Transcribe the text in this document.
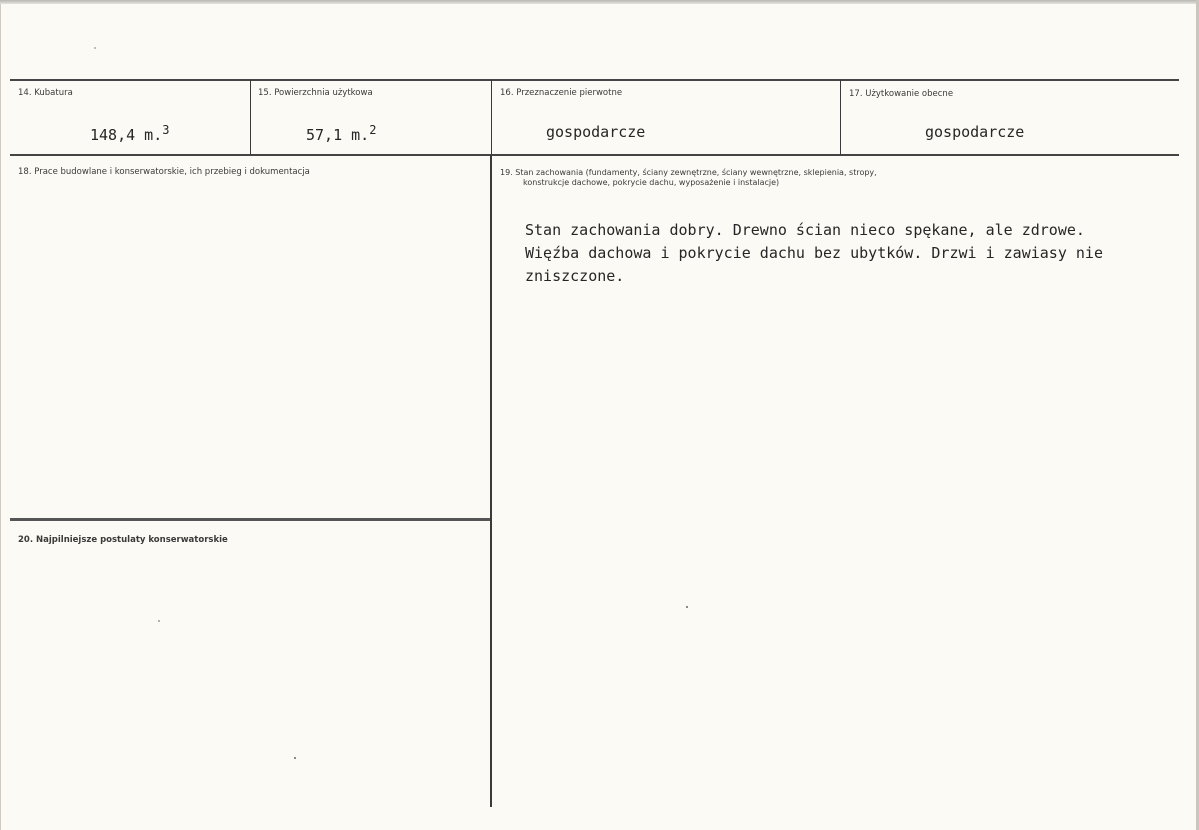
14. Kubatura
148,4 m.$^3$
15. Powierzchnia użytkowa
57,1 m.$^2$
16. Przeznaczenie pierwotne
gospodarcze
17. Użytkowanie obecne
gospodarcze
18. Prace budowlane i konserwatorskie, ich przebieg i dokumentacja	19. Stan zachowania (fundamenty, ściany zewnętrzne, ściany wewnętrzne, sklepienia, stropy,
konstrukcje dachowe, pokrycie dachu, wyposażenie i instalacje)
Stan zachowania dobry. Drewno ścian nieco spękane, ale zdrowe.
Więźba dachowa i pokrycie dachu bez ubytków. Drzwi i zawiasy nie
zniszczone.
20. Najpilniejsze postulaty konserwatorskie
